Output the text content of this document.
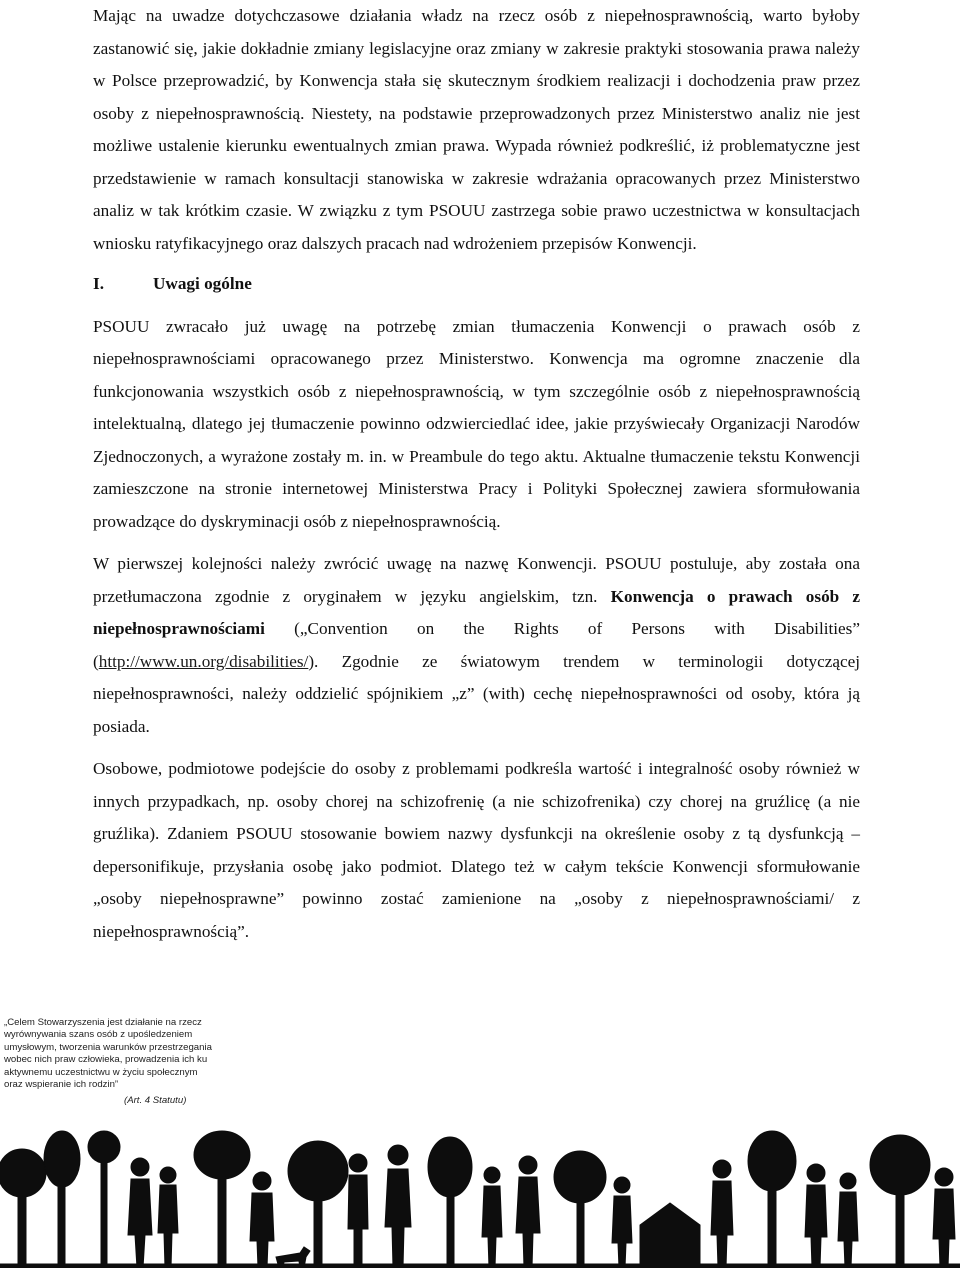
Mając na uwadze dotychczasowe działania władz na rzecz osób z niepełnosprawnością, warto byłoby zastanowić się, jakie dokładnie zmiany legislacyjne oraz zmiany w zakresie praktyki stosowania prawa należy w Polsce przeprowadzić, by Konwencja stała się skutecznym środkiem realizacji i dochodzenia praw przez osoby z niepełnosprawnością. Niestety, na podstawie przeprowadzonych przez Ministerstwo analiz nie jest możliwe ustalenie kierunku ewentualnych zmian prawa. Wypada również podkreślić, iż problematyczne jest przedstawienie w ramach konsultacji stanowiska w zakresie wdrażania opracowanych przez Ministerstwo analiz w tak krótkim czasie. W związku z tym PSOUU zastrzega sobie prawo uczestnictwa w konsultacjach wniosku ratyfikacyjnego oraz dalszych pracach nad wdrożeniem przepisów Konwencji.

I.	Uwagi ogólne

PSOUU zwracało już uwagę na potrzebę zmian tłumaczenia Konwencji o prawach osób z niepełnosprawnościami opracowanego przez Ministerstwo. Konwencja ma ogromne znaczenie dla funkcjonowania wszystkich osób z niepełnosprawnością, w tym szczególnie osób z niepełnosprawnością intelektualną, dlatego jej tłumaczenie powinno odzwierciedlać idee, jakie przyświecały Organizacji Narodów Zjednoczonych, a wyrażone zostały m. in. w Preambule do tego aktu. Aktualne tłumaczenie tekstu Konwencji zamieszczone na stronie internetowej Ministerstwa Pracy i Polityki Społecznej zawiera sformułowania prowadzące do dyskryminacji osób z niepełnosprawnością.

W pierwszej kolejności należy zwrócić uwagę na nazwę Konwencji. PSOUU postuluje, aby została ona przetłumaczona zgodnie z oryginałem w języku angielskim, tzn. Konwencja o prawach osób z niepełnosprawnościami („Convention on the Rights of Persons with Disabilities” (http://www.un.org/disabilities/). Zgodnie ze światowym trendem w terminologii dotyczącej niepełnosprawności, należy oddzielić spójnikiem „z” (with) cechę niepełnosprawności od osoby, która ją posiada.

Osobowe, podmiotowe podejście do osoby z problemami podkreśla wartość i integralność osoby również w innych przypadkach, np. osoby chorej na schizofrenię (a nie schizofrenika) czy chorej na gruźlicę (a nie gruźlika). Zdaniem PSOUU stosowanie bowiem nazwy dysfunkcji na określenie osoby z tą dysfunkcją – depersonifikuje, przysłania osobę jako podmiot. Dlatego też w całym tekście Konwencji sformułowanie „osoby niepełnosprawne” powinno zostać zamienione na „osoby z niepełnosprawnościami/ z niepełnosprawnością”.

„Celem Stowarzyszenia jest działanie na rzecz wyrównywania szans osób z upośledzeniem umysłowym, tworzenia warunków przestrzegania wobec nich praw człowieka, prowadzenia ich ku aktywnemu uczestnictwu w życiu społecznym oraz wspieranie ich rodzin”
(Art. 4 Statutu)
